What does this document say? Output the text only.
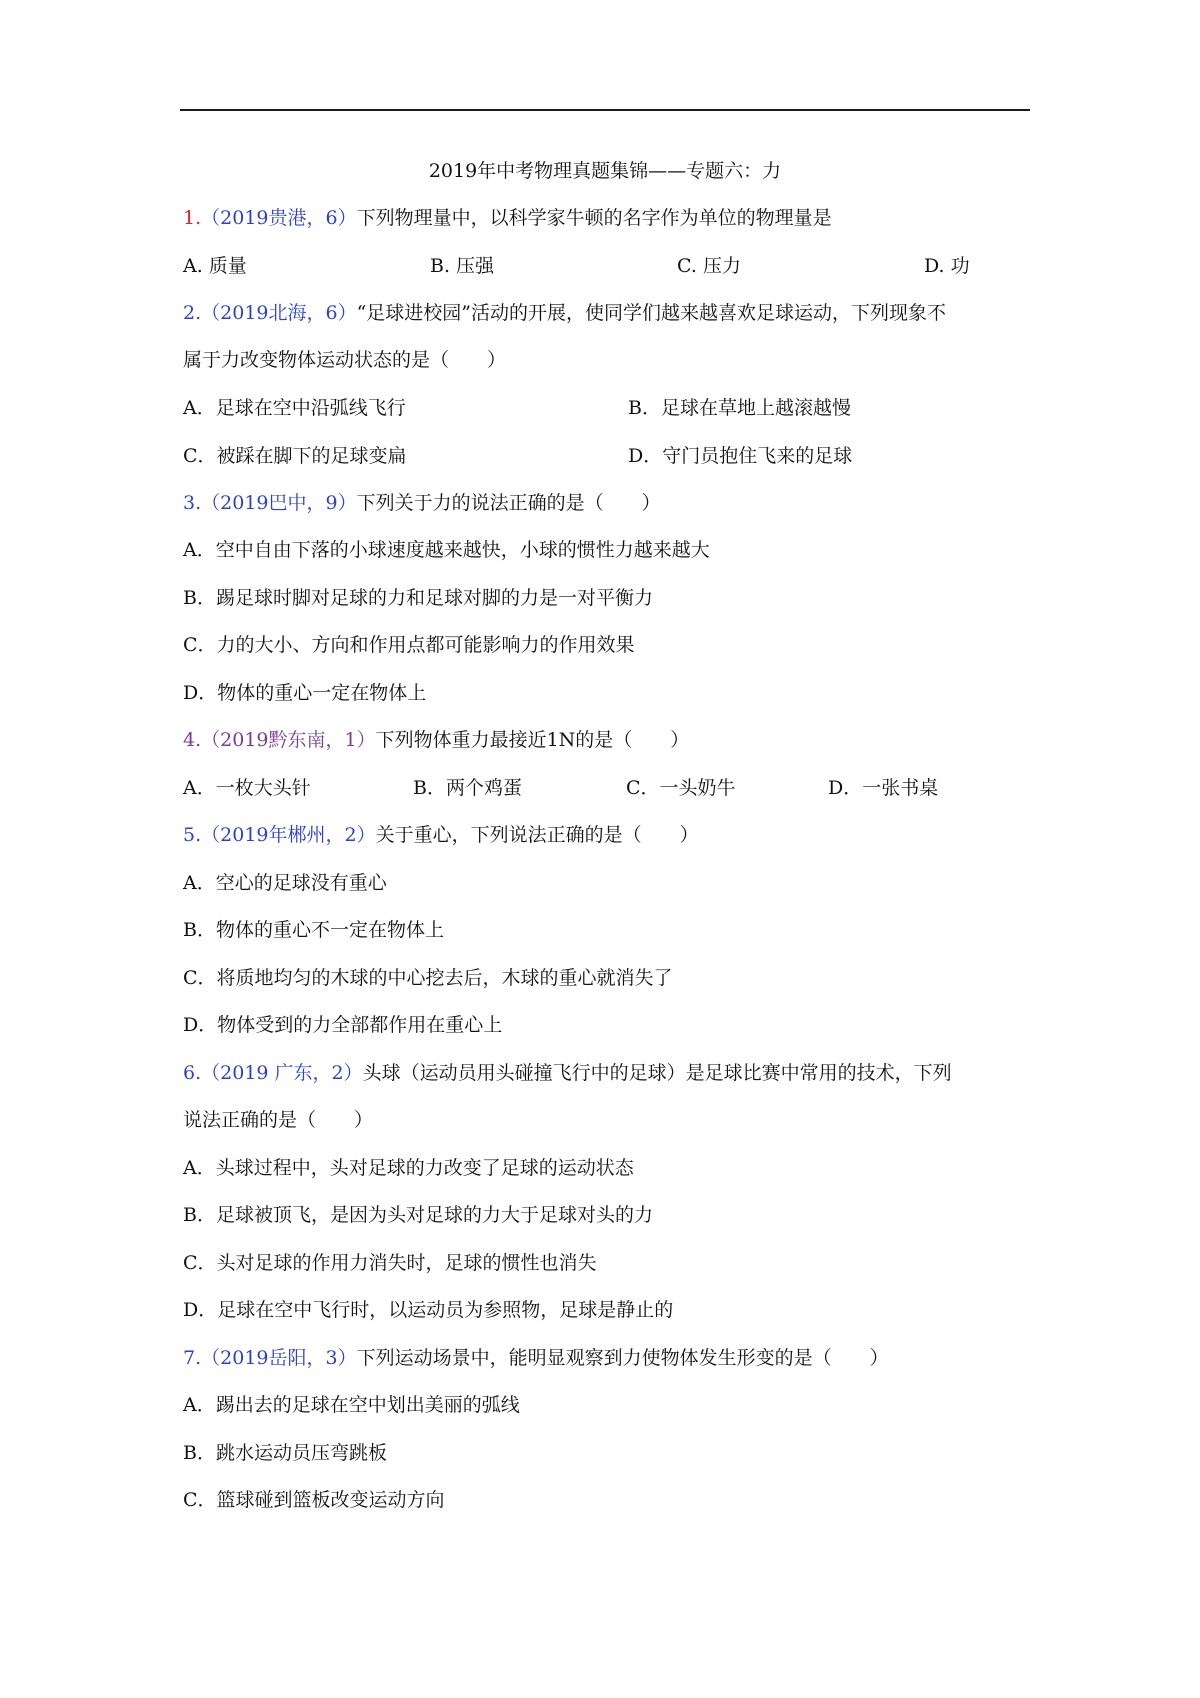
2019年中考物理真题集锦——专题六：力
1.（2019贵港，6）下列物理量中，以科学家牛顿的名字作为单位的物理量是
A. 质量	B. 压强	C. 压力	D. 功
2.（2019北海，6）“足球进校园”活动的开展，使同学们越来越喜欢足球运动，下列现象不
属于力改变物体运动状态的是（　　）
A．足球在空中沿弧线飞行	B．足球在草地上越滚越慢
C．被踩在脚下的足球变扁	D．守门员抱住飞来的足球
3.（2019巴中，9）下列关于力的说法正确的是（　　）
A．空中自由下落的小球速度越来越快，小球的惯性力越来越大
B．踢足球时脚对足球的力和足球对脚的力是一对平衡力
C．力的大小、方向和作用点都可能影响力的作用效果
D．物体的重心一定在物体上
4.（2019黔东南，1）下列物体重力最接近1N的是（　　）
A．一枚大头针	B．两个鸡蛋	C．一头奶牛	D．一张书桌
5.（2019年郴州，2）关于重心，下列说法正确的是（　　）
A．空心的足球没有重心
B．物体的重心不一定在物体上
C．将质地均匀的木球的中心挖去后，木球的重心就消失了
D．物体受到的力全部都作用在重心上
6.（2019 广东，2）头球（运动员用头碰撞飞行中的足球）是足球比赛中常用的技术，下列
说法正确的是（　　）
A．头球过程中，头对足球的力改变了足球的运动状态
B．足球被顶飞，是因为头对足球的力大于足球对头的力
C．头对足球的作用力消失时，足球的惯性也消失
D．足球在空中飞行时，以运动员为参照物，足球是静止的
7.（2019岳阳，3）下列运动场景中，能明显观察到力使物体发生形变的是（　　）
A．踢出去的足球在空中划出美丽的弧线
B．跳水运动员压弯跳板
C．篮球碰到篮板改变运动方向
